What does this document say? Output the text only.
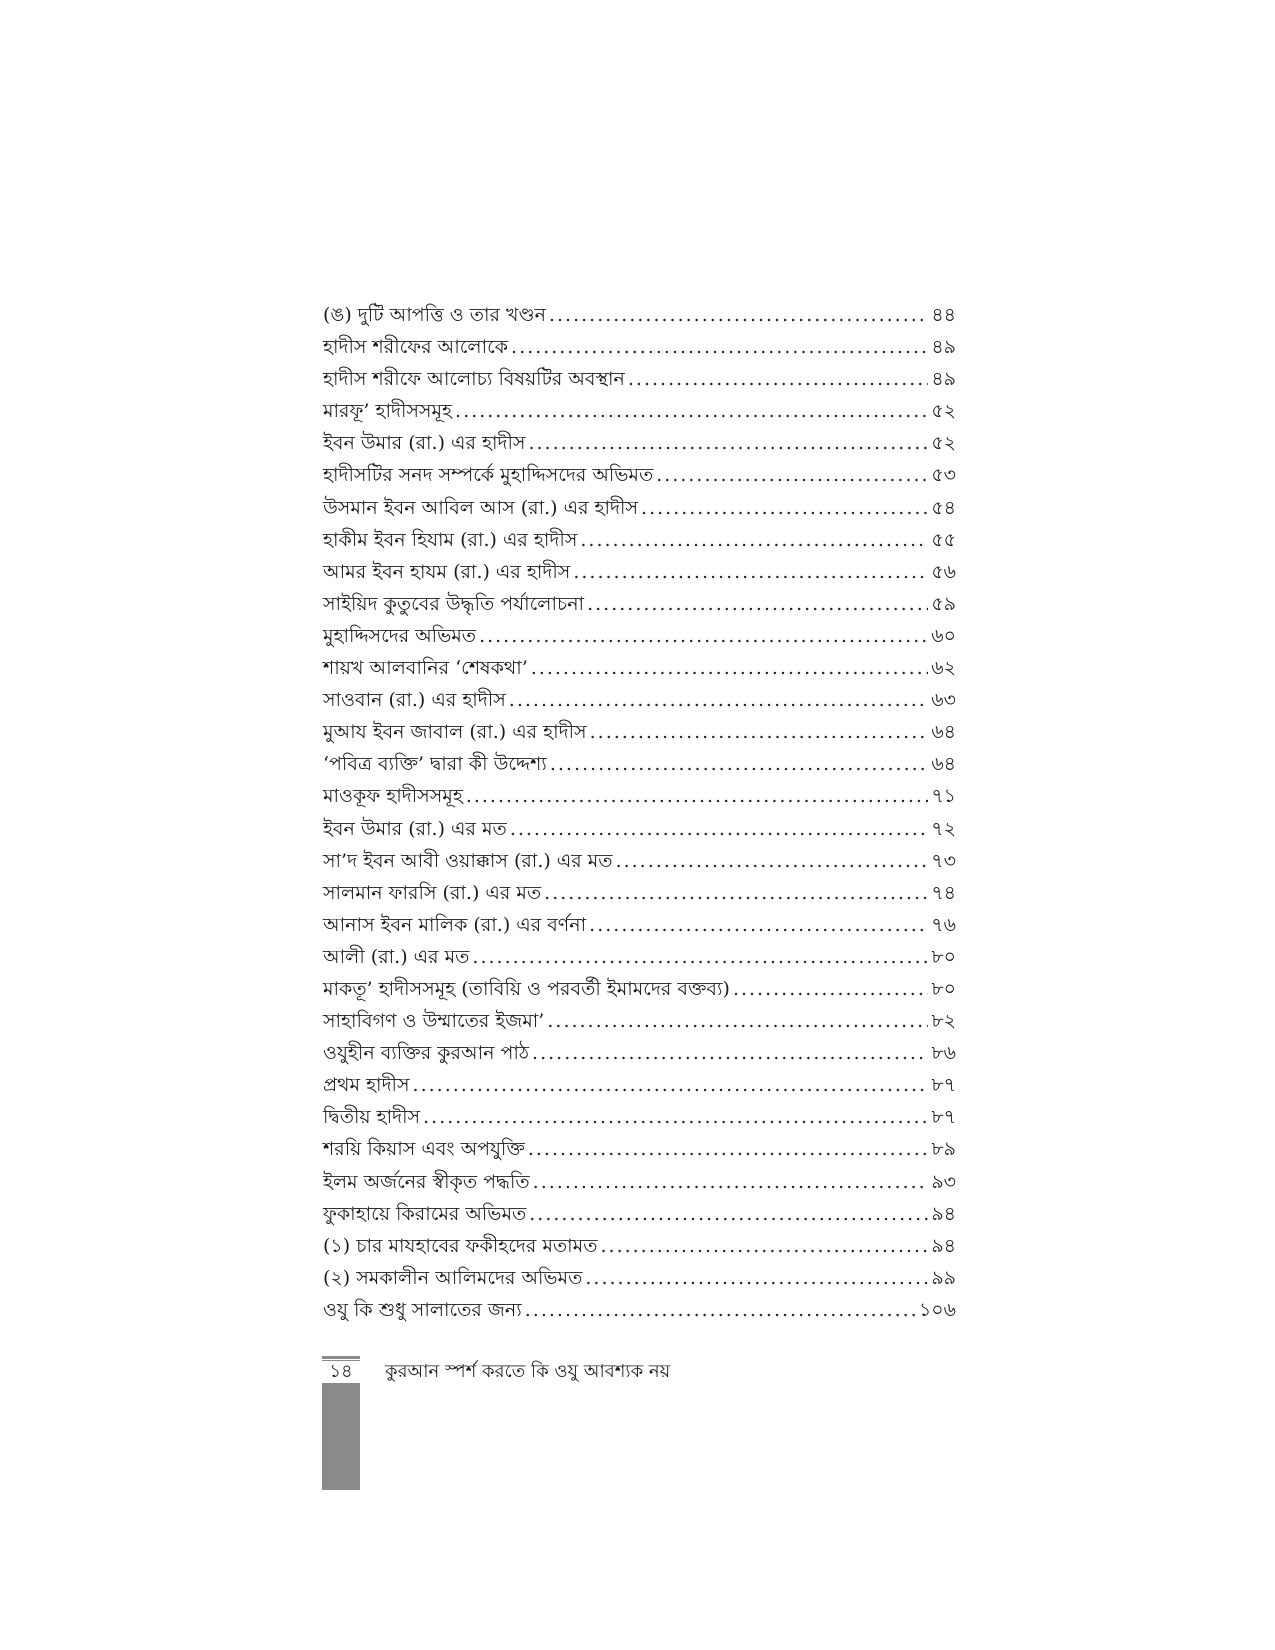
(ঙ) দুটি আপত্তি ও তার খণ্ডন .....	৪৪
হাদীস শরীফের আলোকে .....	৪৯
হাদীস শরীফে আলোচ্য বিষয়টির অবস্থান .....	৪৯
মারফূ’ হাদীসসমূহ .....	৫২
ইবন উমার (রা.) এর হাদীস .....	৫২
হাদীসটির সনদ সম্পর্কে মুহাদ্দিসদের অভিমত .....	৫৩
উসমান ইবন আবিল আস (রা.) এর হাদীস .....	৫৪
হাকীম ইবন হিযাম (রা.) এর হাদীস .....	৫৫
আমর ইবন হাযম (রা.) এর হাদীস .....	৫৬
সাইয়িদ কুতুবের উদ্ধৃতি পর্যালোচনা .....	৫৯
মুহাদ্দিসদের অভিমত .....	৬০
শায়খ আলবানির ‘শেষকথা’ .....	৬২
সাওবান (রা.) এর হাদীস .....	৬৩
মুআয ইবন জাবাল (রা.) এর হাদীস .....	৬৪
‘পবিত্র ব্যক্তি’ দ্বারা কী উদ্দেশ্য .....	৬৪
মাওকূফ হাদীসসমূহ .....	৭১
ইবন উমার (রা.) এর মত .....	৭২
সা’দ ইবন আবী ওয়াক্কাস (রা.) এর মত .....	৭৩
সালমান ফারসি (রা.) এর মত .....	৭৪
আনাস ইবন মালিক (রা.) এর বর্ণনা .....	৭৬
আলী (রা.) এর মত .....	৮০
মাকতূ’ হাদীসসমূহ (তাবিয়ি ও পরবর্তী ইমামদের বক্তব্য) .....	৮০
সাহাবিগণ ও উম্মাতের ইজমা’ .....	৮২
ওযুহীন ব্যক্তির কুরআন পাঠ .....	৮৬
প্রথম হাদীস .....	৮৭
দ্বিতীয় হাদীস .....	৮৭
শরয়ি কিয়াস এবং অপযুক্তি .....	৮৯
ইলম অর্জনের স্বীকৃত পদ্ধতি .....	৯৩
ফুকাহায়ে কিরামের অভিমত .....	৯৪
(১) চার মাযহাবের ফকীহদের মতামত .....	৯৪
(২) সমকালীন আলিমদের অভিমত .....	৯৯
ওযু কি শুধু সালাতের জন্য .....	১০৬
১৪	কুরআন স্পর্শ করতে কি ওযু আবশ্যক নয়
